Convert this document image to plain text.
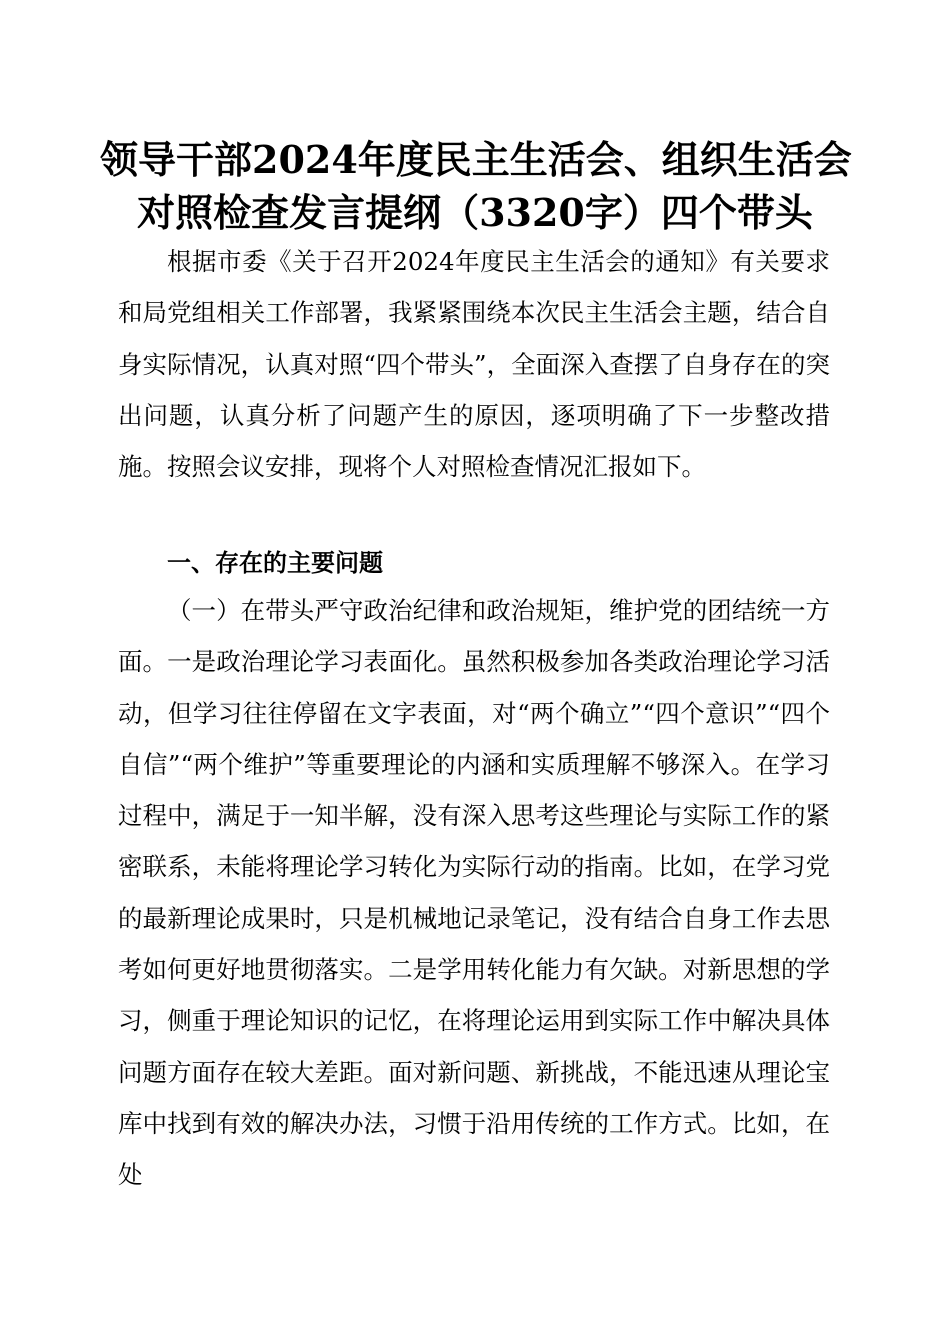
领导干部2024年度民主生活会、组织生活会
对照检查发言提纲（3320字）四个带头

根据市委《关于召开2024年度民主生活会的通知》有关要求和局党组相关工作部署，我紧紧围绕本次民主生活会主题，结合自身实际情况，认真对照“四个带头”，全面深入查摆了自身存在的突出问题，认真分析了问题产生的原因，逐项明确了下一步整改措施。按照会议安排，现将个人对照检查情况汇报如下。

一、存在的主要问题

（一）在带头严守政治纪律和政治规矩，维护党的团结统一方面。一是政治理论学习表面化。虽然积极参加各类政治理论学习活动，但学习往往停留在文字表面，对“两个确立”“四个意识”“四个自信”“两个维护”等重要理论的内涵和实质理解不够深入。在学习过程中，满足于一知半解，没有深入思考这些理论与实际工作的紧密联系，未能将理论学习转化为实际行动的指南。比如，在学习党的最新理论成果时，只是机械地记录笔记，没有结合自身工作去思考如何更好地贯彻落实。二是学用转化能力有欠缺。对新思想的学习，侧重于理论知识的记忆，在将理论运用到实际工作中解决具体问题方面存在较大差距。面对新问题、新挑战，不能迅速从理论宝库中找到有效的解决办法，习惯于沿用传统的工作方式。比如，在处
